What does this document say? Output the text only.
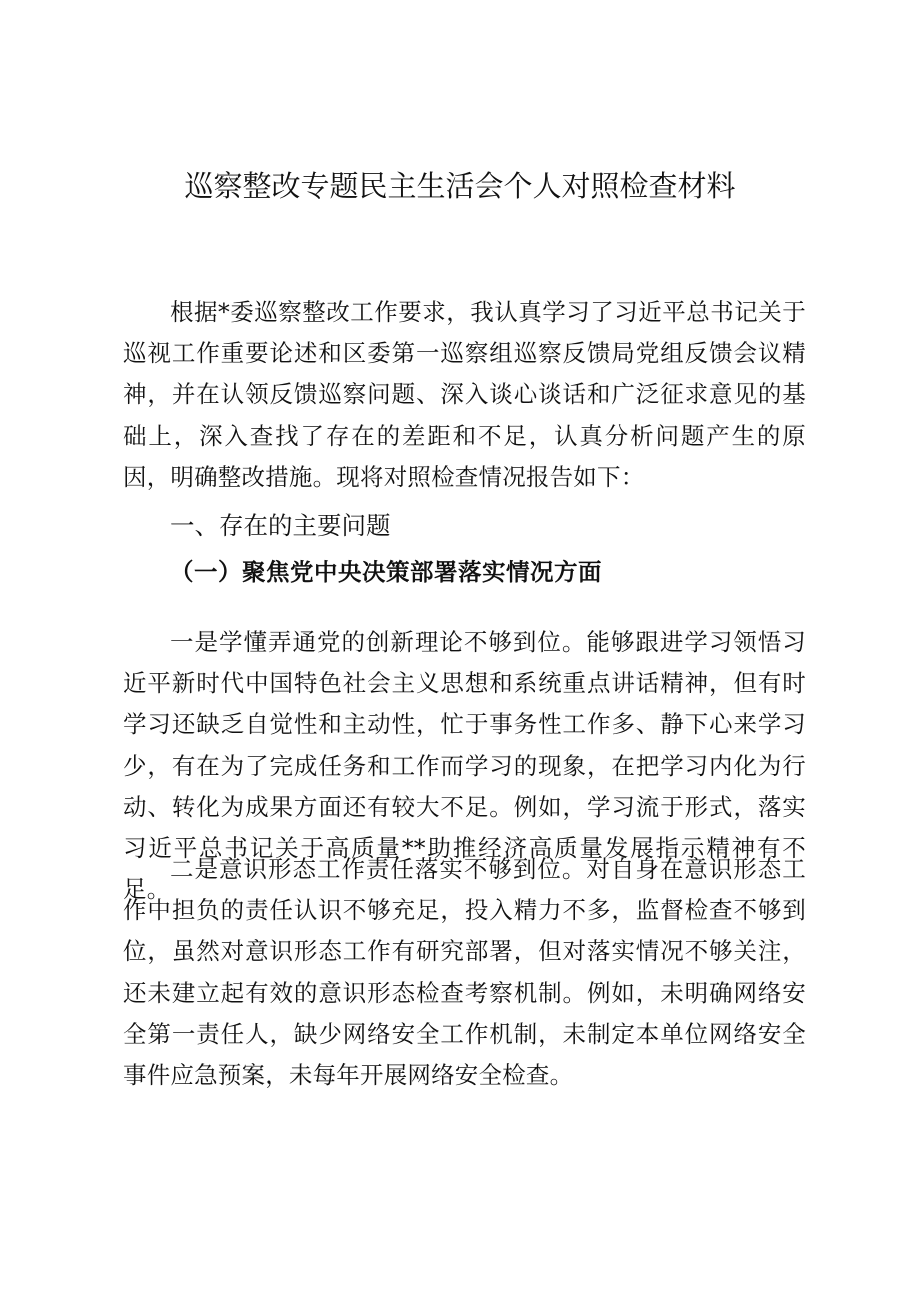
巡察整改专题民主生活会个人对照检查材料

根据*委巡察整改工作要求，我认真学习了习近平总书记关于巡视工作重要论述和区委第一巡察组巡察反馈局党组反馈会议精神，并在认领反馈巡察问题、深入谈心谈话和广泛征求意见的基础上，深入查找了存在的差距和不足，认真分析问题产生的原因，明确整改措施。现将对照检查情况报告如下：

一、存在的主要问题
（一）聚焦党中央决策部署落实情况方面

一是学懂弄通党的创新理论不够到位。能够跟进学习领悟习近平新时代中国特色社会主义思想和系统重点讲话精神，但有时学习还缺乏自觉性和主动性，忙于事务性工作多、静下心来学习少，有在为了完成任务和工作而学习的现象，在把学习内化为行动、转化为成果方面还有较大不足。例如，学习流于形式，落实习近平总书记关于高质量**助推经济高质量发展指示精神有不足。

二是意识形态工作责任落实不够到位。对自身在意识形态工作中担负的责任认识不够充足，投入精力不多，监督检查不够到位，虽然对意识形态工作有研究部署，但对落实情况不够关注，还未建立起有效的意识形态检查考察机制。例如，未明确网络安全第一责任人，缺少网络安全工作机制，未制定本单位网络安全事件应急预案，未每年开展网络安全检查。
